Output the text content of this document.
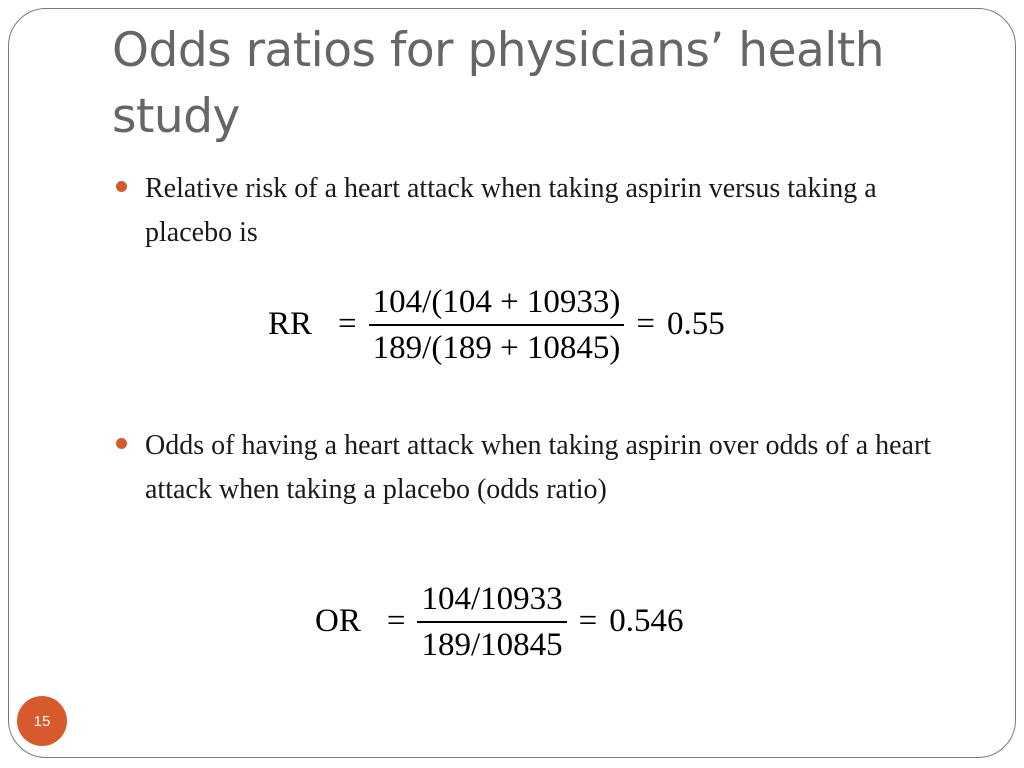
Odds ratios for physicians’ health study
Relative risk of a heart attack when taking aspirin versus taking a placebo is
RR = $\frac{104/(104 + 10933)}{189/(189 + 10845)} = 0.55$
Odds of having a heart attack when taking aspirin over odds of a heart attack when taking a placebo (odds ratio)
OR = $\frac{104/10933}{189/10845} = 0.546$
15
